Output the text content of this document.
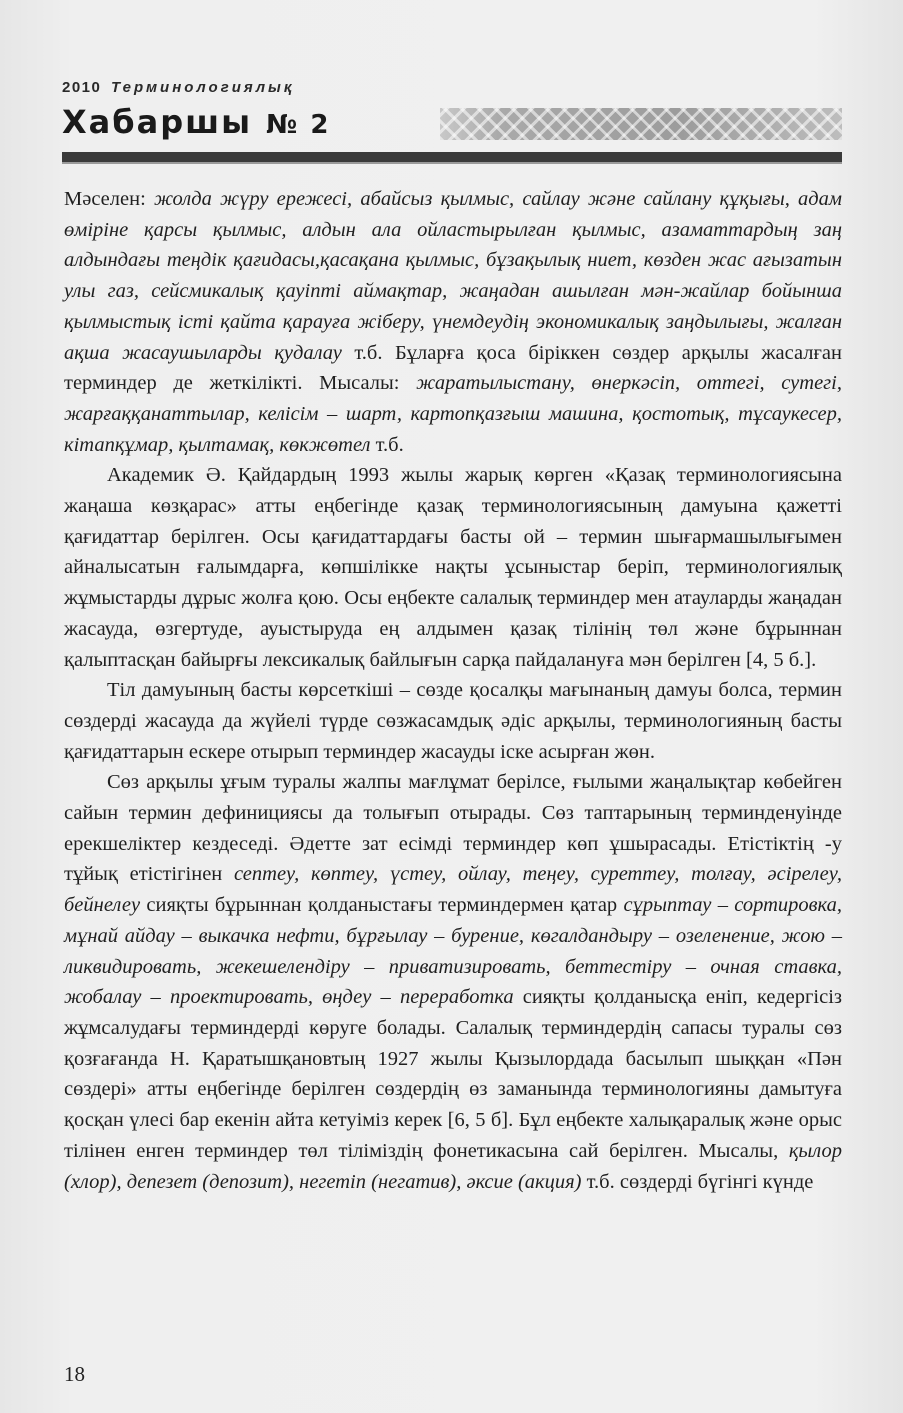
2010 Терминологиялық
Хабаршы № 2

Мәселен: жолда жүру ережесі, абайсыз қылмыс, сайлау және сайлану құқығы, адам өміріне қарсы қылмыс, алдын ала ойластырылған қылмыс, азаматтардың заң алдындағы теңдік қағидасы,қасақана қылмыс, бұзақылық ниет, көзден жас ағызатын улы газ, сейсмикалық қауіпті аймақтар, жаңадан ашылған мән-жайлар бойынша қылмыстық істі қайта қарауға жіберу, үнемдеудің экономикалық заңдылығы, жалған ақша жасаушыларды қудалау т.б. Бұларға қоса біріккен сөздер арқылы жасалған терминдер де жеткілікті. Мысалы: жаратылыстану, өнеркәсіп, оттегі, сутегі, жарғаққанаттылар, келісім – шарт, картопқазғыш машина, қостотық, тұсаукесер, кітапқұмар, қылтамақ, көкжөтел т.б.

Академик Ә. Қайдардың 1993 жылы жарық көрген «Қазақ терминологиясына жаңаша көзқарас» атты еңбегінде қазақ терминологиясының дамуына қажетті қағидаттар берілген. Осы қағидаттардағы басты ой – термин шығармашылығымен айналысатын ғалымдарға, көпшілікке нақты ұсыныстар беріп, терминологиялық жұмыстарды дұрыс жолға қою. Осы еңбекте салалық терминдер мен атауларды жаңадан жасауда, өзгертуде, ауыстыруда ең алдымен қазақ тілінің төл және бұрыннан қалыптасқан байырғы лексикалық байлығын сарқа пайдалануға мән берілген [4, 5 б.].

Тіл дамуының басты көрсеткіші – сөзде қосалқы мағынаның дамуы болса, термин сөздерді жасауда да жүйелі түрде сөзжасамдық әдіс арқылы, терминологияның басты қағидаттарын ескере отырып терминдер жасауды іске асырған жөн.

Сөз арқылы ұғым туралы жалпы мағлұмат берілсе, ғылыми жаңалықтар көбейген сайын термин дефинициясы да толығып отырады. Сөз таптарының терминденуінде ерекшеліктер кездеседі. Әдетте зат есімді терминдер көп ұшырасады. Етістіктің -у тұйық етістігінен септеу, көптеу, үстеу, ойлау, теңеу, суреттеу, толғау, әсірелеу, бейнелеу сияқты бұрыннан қолданыстағы терминдермен қатар сұрыптау – сортировка, мұнай айдау – выкачка нефти, бұрғылау – бурение, көгалдандыру – озеленение, жою – ликвидировать, жекешелендіру – приватизировать, беттестіру – очная ставка, жобалау – проектировать, өңдеу – переработка сияқты қолданысқа еніп, кедергісіз жұмсалудағы терминдерді көруге болады. Салалық терминдердің сапасы туралы сөз қозғағанда Н. Қаратышқановтың 1927 жылы Қызылордада басылып шыққан «Пән сөздері» атты еңбегінде берілген сөздердің өз заманында терминологияны дамытуға қосқан үлесі бар екенін айта кетуіміз керек [6, 5 б]. Бұл еңбекте халықаралық және орыс тілінен енген терминдер төл тіліміздің фонетикасына сай берілген. Мысалы, қылор (хлор), депезет (депозит), негетіп (негатив), әксие (акция) т.б. сөздерді бүгінгі күнде

18
